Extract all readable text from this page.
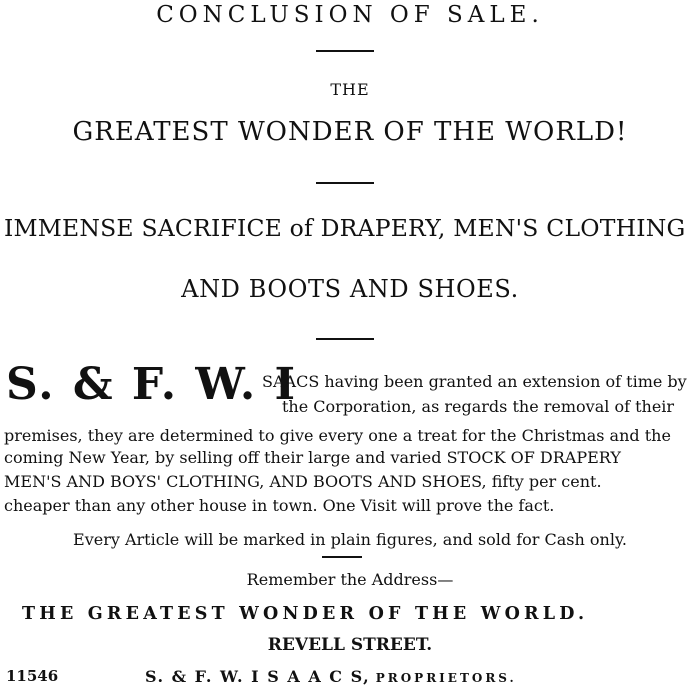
CONCLUSION OF SALE.
THE
GREATEST WONDER OF THE WORLD!
IMMENSE SACRIFICE of DRAPERY, MEN'S CLOTHING
AND BOOTS AND SHOES.
S. & F. W. I
SAACS having been granted an extension of time by
the Corporation, as regards the removal of their
premises, they are determined to give every one a treat for the Christmas and the
coming New Year, by selling off their large and varied STOCK OF DRAPERY
MEN'S AND BOYS' CLOTHING, AND BOOTS AND SHOES, fifty per cent.
cheaper than any other house in town. One Visit will prove the fact.
Every Article will be marked in plain figures, and sold for Cash only.
Remember the Address—
THE GREATEST WONDER OF THE WORLD.
REVELL STREET.
11546	S. & F. W. I S A A C S, PROPRIETORS.
